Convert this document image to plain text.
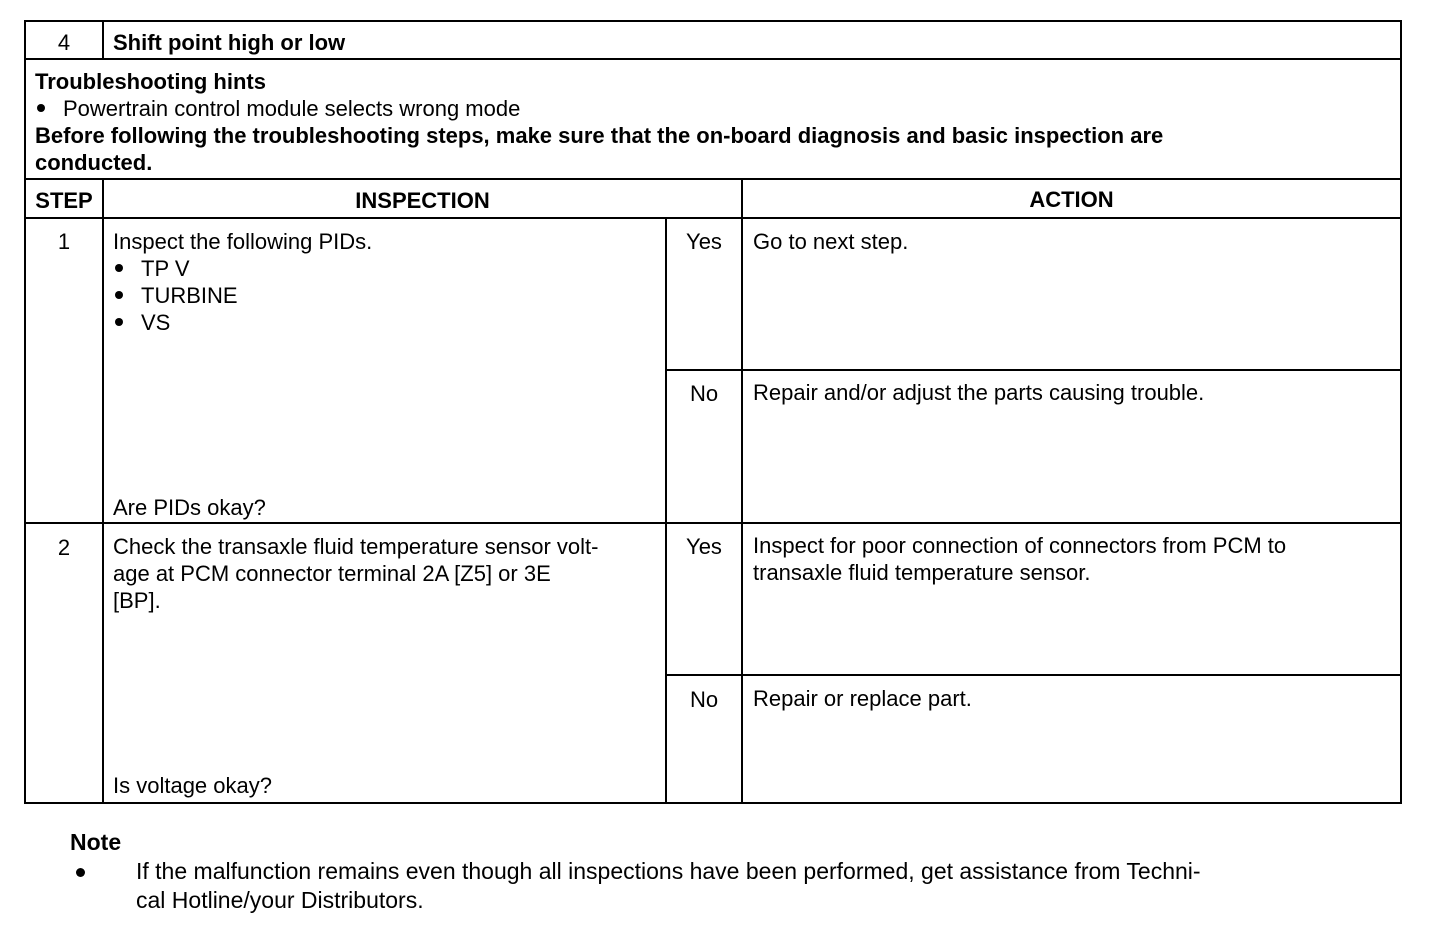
4	Shift point high or low
Troubleshooting hints
Powertrain control module selects wrong mode
Before following the troubleshooting steps, make sure that the on-board diagnosis and basic inspection are
conducted.
STEP	INSPECTION	ACTION
1	Inspect the following PIDs.
TP V
TURBINE
VS
Are PIDs okay?
Yes	Go to next step.
No	Repair and/or adjust the parts causing trouble.
2	Check the transaxle fluid temperature sensor volt-
age at PCM connector terminal 2A [Z5] or 3E
[BP].
Is voltage okay?
Yes	Inspect for poor connection of connectors from PCM to
transaxle fluid temperature sensor.
No	Repair or replace part.
Note
If the malfunction remains even though all inspections have been performed, get assistance from Techni-
cal Hotline/your Distributors.
